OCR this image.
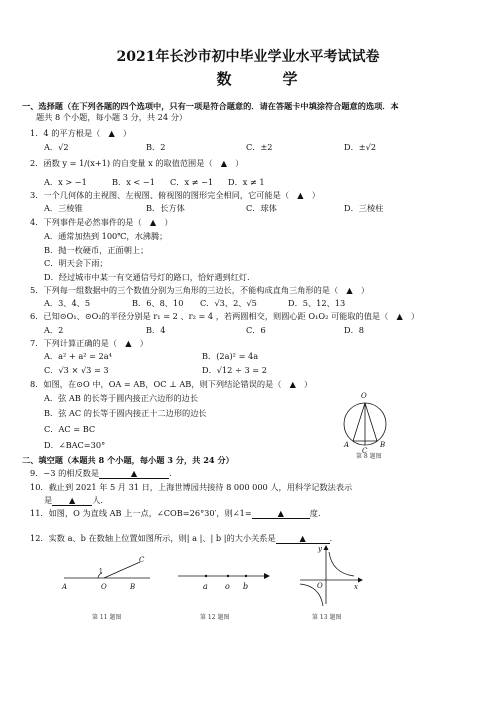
2021年长沙市初中毕业学业水平考试试卷
数　学
一、选择题（在下列各题的四个选项中，只有一项是符合题意的．请在答题卡中填涂符合题意的选项．本
题共 8 个小题，每小题 3 分，共 24 分）
1．4 的平方根是（　▲　）
A．√2	B．2	C．±2	D．±√2
2．函数 y = 1/(x+1) 的自变量 x 的取值范围是（　▲　）
A．x > −1	B．x < −1 C．x ≠ −1 D．x ≠ 1
3．一个几何体的主视图、左视图、俯视图的图形完全相同，它可能是（　▲　）
A．三棱锥	B．长方体	C．球体	D．三棱柱
4．下列事件是必然事件的是（　▲　）
A．通常加热到 100℃，水沸腾；
B．抛一枚硬币，正面朝上；
C．明天会下雨；
D．经过城市中某一有交通信号灯的路口，恰好遇到红灯．
5．下列每一组数据中的三个数值分别为三角形的三边长，不能构成直角三角形的是（　▲　）
A．3、4、5	B．6、8、10 C．√3、2、√5	D．5、12、13
6．已知⊙O₁、⊙O₂的半径分别是 r₁ = 2 、r₂ = 4 ，若两圆相交，则圆心距 O₁O₂ 可能取的值是（　▲　）
A．2	B．4	C．6	D．8
7．下列计算正确的是（　▲　）
A．a² + a² = 2a⁴	B．(2a)² = 4a
C．√3 × √3 = 3	D．√12 ÷ 3 = 2
8．如图，在⊙O 中，OA = AB，OC ⊥ AB，则下列结论错误的是（　▲　）
A．弦 AB 的长等于圆内接正六边形的边长
B．弦 AC 的长等于圆内接正十二边形的边长
C．AC = BC
D．∠BAC=30°
O
A
C
B
第 8 题图
二、填空题（本题共 8 个小题，每小题 3 分，共 24 分）
9．−3 的相反数是	▲	.
10．截止到 2021 年 5 月 31 日，上海世博园共接待 8 000 000 人，用科学记数法表示
是 ▲ 人．
11．如图，O 为直线 AB 上一点，∠COB=26°30′，则∠1=	▲	度．
12．实数 a、b 在数轴上位置如图所示，则| a |、| b |的大小关系是	▲	．
A	O	B
C
1
第 11 题图
a o b
第 12 题图
y
O	x
第 13 题图
